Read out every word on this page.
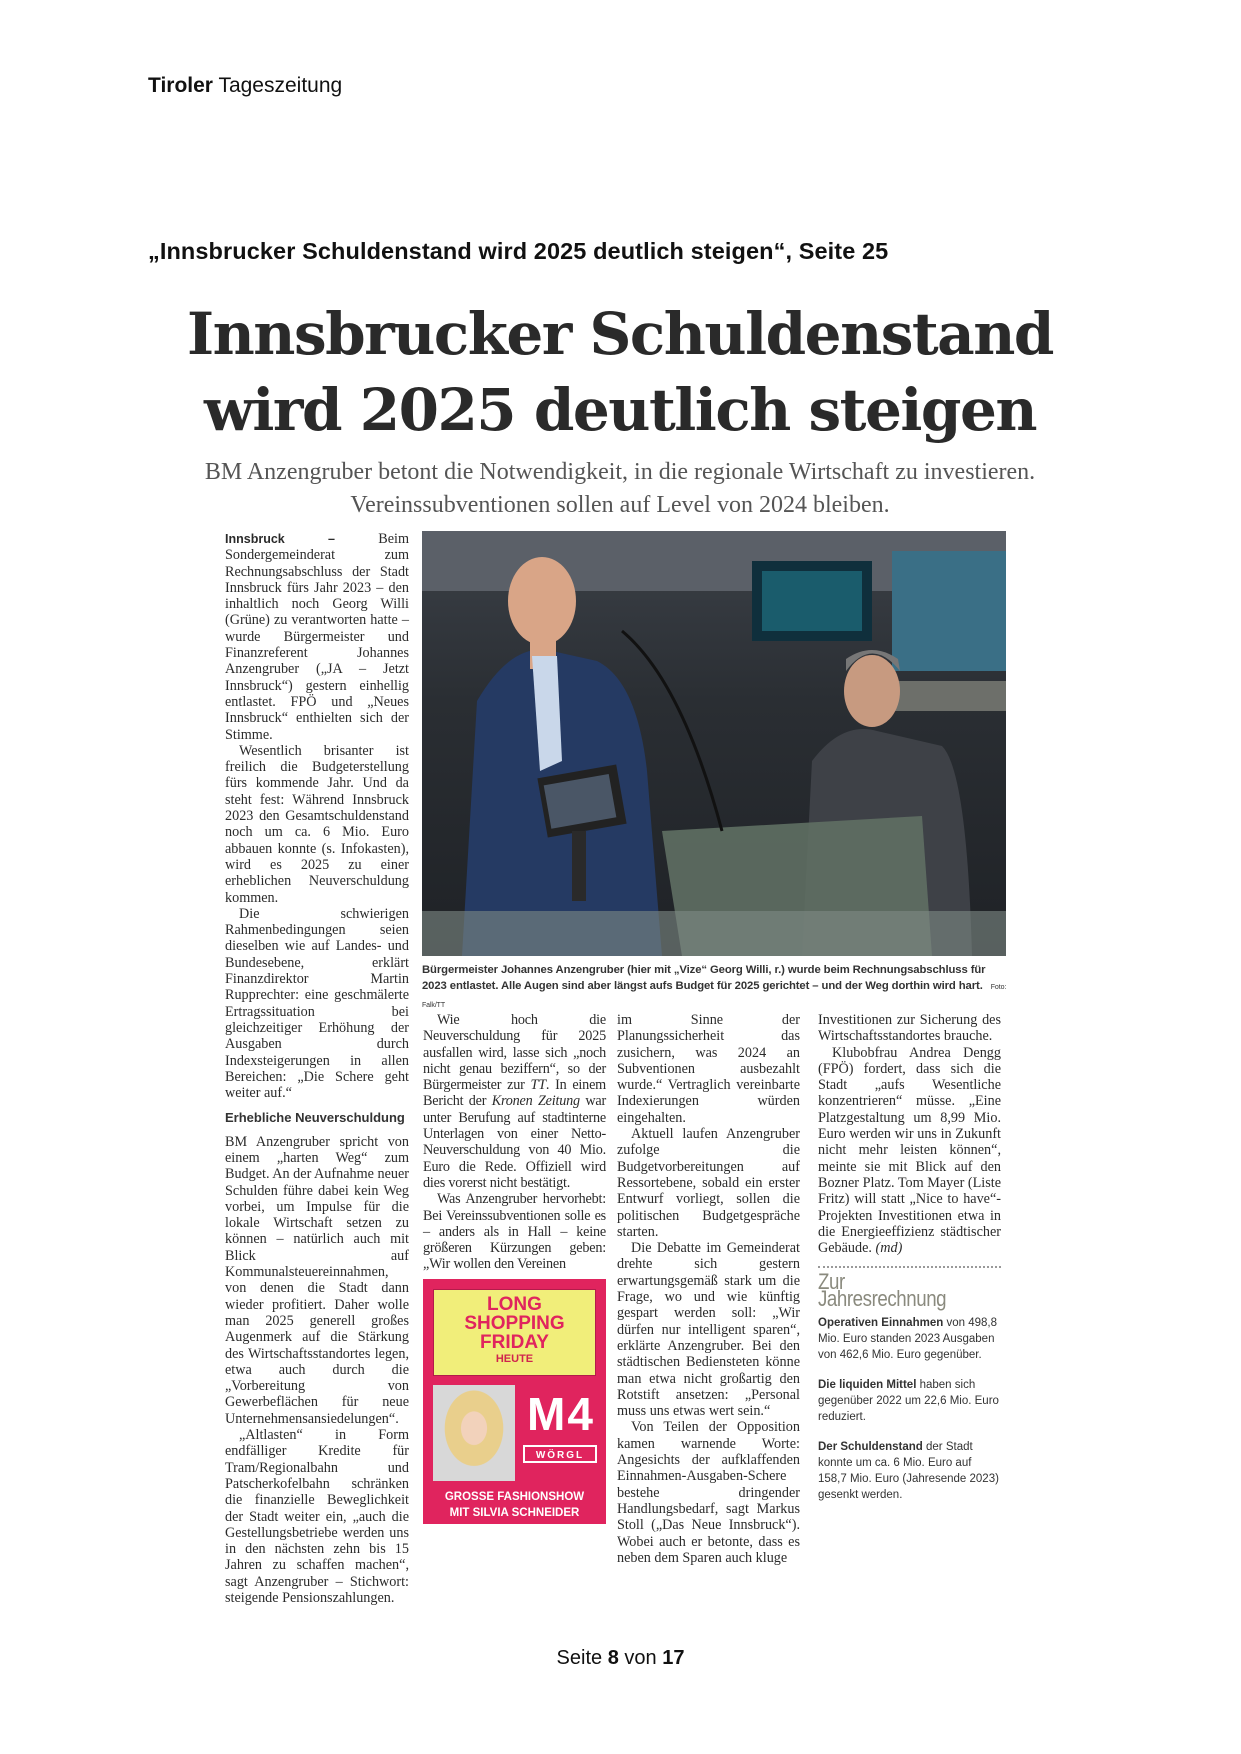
Tiroler Tageszeitung
„Innsbrucker Schuldenstand wird 2025 deutlich steigen“, Seite 25
Innsbrucker Schuldenstand
wird 2025 deutlich steigen
BM Anzengruber betont die Notwendigkeit, in die regionale Wirtschaft zu investieren. Vereinssubventionen sollen auf Level von 2024 bleiben.

Innsbruck –	Beim Sondergemeinderat zum Rechnungsabschluss der Stadt Innsbruck fürs Jahr 2023 – den inhaltlich noch Georg Willi (Grüne) zu verantworten hatte – wurde Bürgermeister und Finanzreferent Johannes Anzengruber („JA – Jetzt Innsbruck“) gestern einhellig entlastet. FPÖ und „Neues Innsbruck“ enthielten sich der Stimme.

Wesentlich brisanter ist freilich die Budgeterstellung fürs kommende Jahr. Und da steht fest: Während Innsbruck 2023 den Gesamtschuldenstand noch um ca. 6 Mio. Euro abbauen konnte (s. Infokasten), wird es 2025 zu einer erheblichen Neuverschuldung kommen.

Die schwierigen Rahmenbedingungen seien dieselben wie auf Landes- und Bundesebene, erklärt Finanzdirektor Martin Rupprechter: eine geschmälerte Ertragssituation bei gleichzeitiger Erhöhung der Ausgaben durch Indexsteigerungen in allen Bereichen: „Die Schere geht weiter auf.“

Erhebliche Neuverschuldung

BM Anzengruber spricht von einem „harten Weg“ zum Budget. An der Aufnahme neuer Schulden führe dabei kein Weg vorbei, um Impulse für die lokale Wirtschaft setzen zu können – natürlich auch mit Blick auf Kommunalsteuereinnahmen, von denen die Stadt dann wieder profitiert. Daher wolle man 2025 generell großes Augenmerk auf die Stärkung des Wirtschaftsstandortes legen, etwa auch durch die „Vorbereitung von Gewerbeflächen für neue Unternehmensansiedelungen“.

„Altlasten“ in Form endfälliger Kredite für Tram/Regionalbahn und Patscherkofelbahn schränken die finanzielle Beweglichkeit der Stadt weiter ein, „auch die Gestellungsbetriebe werden uns in den nächsten zehn bis 15 Jahren zu schaffen machen“, sagt Anzengruber – Stichwort: steigende Pensionszahlungen.

Bürgermeister Johannes Anzengruber (hier mit „Vize“ Georg Willi, r.) wurde beim Rechnungsabschluss für 2023 entlastet. Alle Augen sind aber längst aufs Budget für 2025 gerichtet – und der Weg dorthin wird hart. Foto: Falk/TT

Wie hoch die Neuverschuldung für 2025 ausfallen wird, lasse sich „noch nicht genau beziffern“, so der Bürgermeister zur TT. In einem Bericht der Kronen Zeitung war unter Berufung auf stadtinterne Unterlagen von einer Netto-Neuverschuldung von 40 Mio. Euro die Rede. Offiziell wird dies vorerst nicht bestätigt.

Was Anzengruber hervorhebt: Bei Vereinssubventionen solle es – anders als in Hall – keine größeren Kürzungen geben: „Wir wollen den Vereinen

LONG
SHOPPING
FRIDAY
HEUTE
M4
WÖRGL
GROSSE FASHIONSHOW
MIT SILVIA SCHNEIDER

im Sinne der Planungssicherheit das zusichern, was 2024 an Subventionen ausbezahlt wurde.“ Vertraglich vereinbarte Indexierungen würden eingehalten.

Aktuell laufen Anzengruber zufolge die Budgetvorbereitungen auf Ressortebene, sobald ein erster Entwurf vorliegt, sollen die politischen Budgetgespräche starten.

Die Debatte im Gemeinderat drehte sich gestern erwartungsgemäß stark um die Frage, wo und wie künftig gespart werden soll: „Wir dürfen nur intelligent sparen“, erklärte Anzengruber. Bei den städtischen Bediensteten könne man etwa nicht großartig den Rotstift ansetzen: „Personal muss uns etwas wert sein.“

Von Teilen der Opposition kamen warnende Worte: Angesichts der aufklaffenden Einnahmen-Ausgaben-Schere bestehe dringender Handlungsbedarf, sagt Markus Stoll („Das Neue Innsbruck“). Wobei auch er betonte, dass es neben dem Sparen auch kluge

Investitionen zur Sicherung des Wirtschaftsstandortes brauche.

Klubobfrau Andrea Dengg (FPÖ) fordert, dass sich die Stadt „aufs Wesentliche konzentrieren“ müsse. „Eine Platzgestaltung um 8,99 Mio. Euro werden wir uns in Zukunft nicht mehr leisten können“, meinte sie mit Blick auf den Bozner Platz. Tom Mayer (Liste Fritz) will statt „Nice to have“-Projekten Investitionen etwa in die Energieeffizienz städtischer Gebäude. (md)

Zur Jahresrechnung

Operativen Einnahmen von 498,8 Mio. Euro standen 2023 Ausgaben von 462,6 Mio. Euro gegenüber.

Die liquiden Mittel haben sich gegenüber 2022 um 22,6 Mio. Euro reduziert.

Der Schuldenstand der Stadt konnte um ca. 6 Mio. Euro auf 158,7 Mio. Euro (Jahresende 2023) gesenkt werden.

Seite 8 von 17
